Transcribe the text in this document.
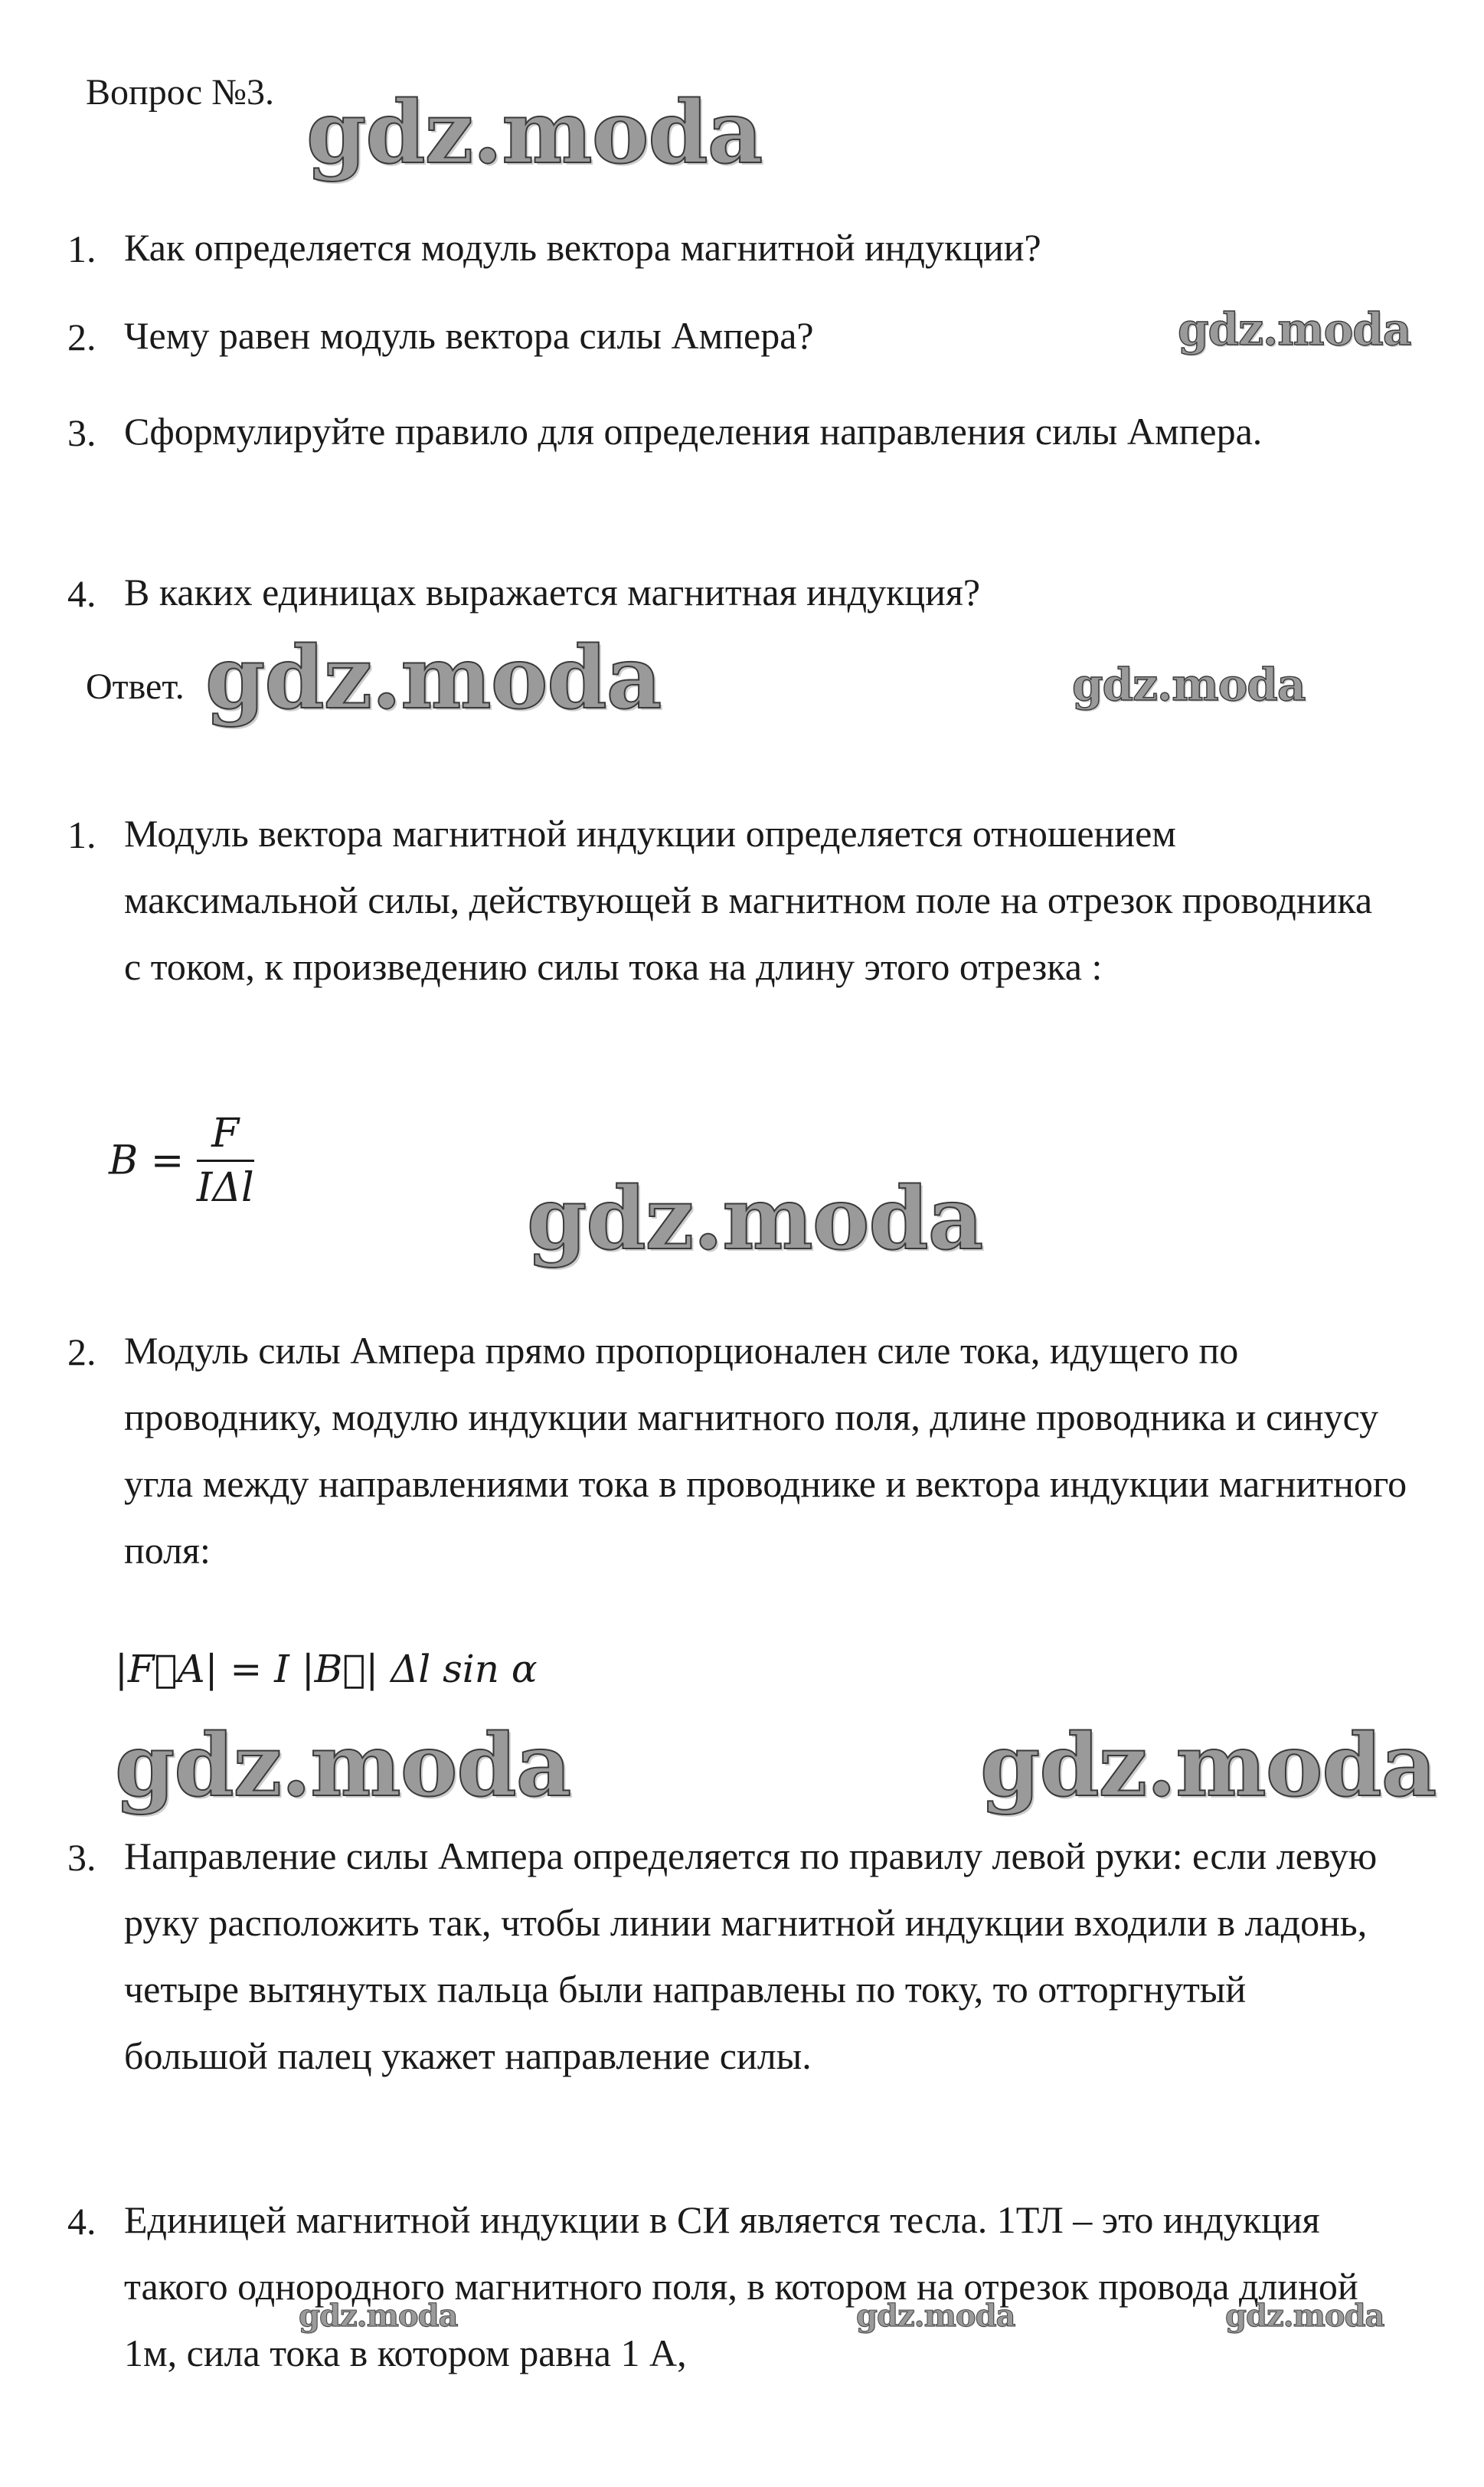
Вопрос №3. gdz.moda
1. Как определяется модуль вектора магнитной индукции?
2. Чему равен модуль вектора силы Ампера?	gdz.moda
3. Сформулируйте правило для определения направления силы Ампера.
4. В каких единицах выражается магнитная индукция?
Ответ. gdz.moda	gdz.moda
1. Модуль вектора магнитной индукции определяется отношением максимальной силы, действующей в магнитном поле на отрезок проводника с током, к произведению силы тока на длину этого отрезка :
$B = \frac{F}{\text{IΔl}}$
gdz.moda
2. Модуль силы Ампера прямо пропорционален силе тока, идущего по проводнику, модулю индукции магнитного поля, длине проводника и синусу угла между направлениями тока в проводнике и вектора индукции магнитного поля:
|F⃗A| = I |B⃗| Δl sin α
gdz.moda	gdz.moda
3. Направление силы Ампера определяется по правилу левой руки: если левую руку расположить так, чтобы линии магнитной индукции входили в ладонь, четыре вытянутых пальца были направлены по току, то отторгнутый большой палец укажет направление силы.
4. Единицей магнитной индукции в СИ является тесла. 1ТЛ – это индукция такого однородного магнитного поля, в котором на отрезок провода длиной 1м, сила тока в котором равна 1 А,
gdz.moda	gdz.moda	gdz.moda
